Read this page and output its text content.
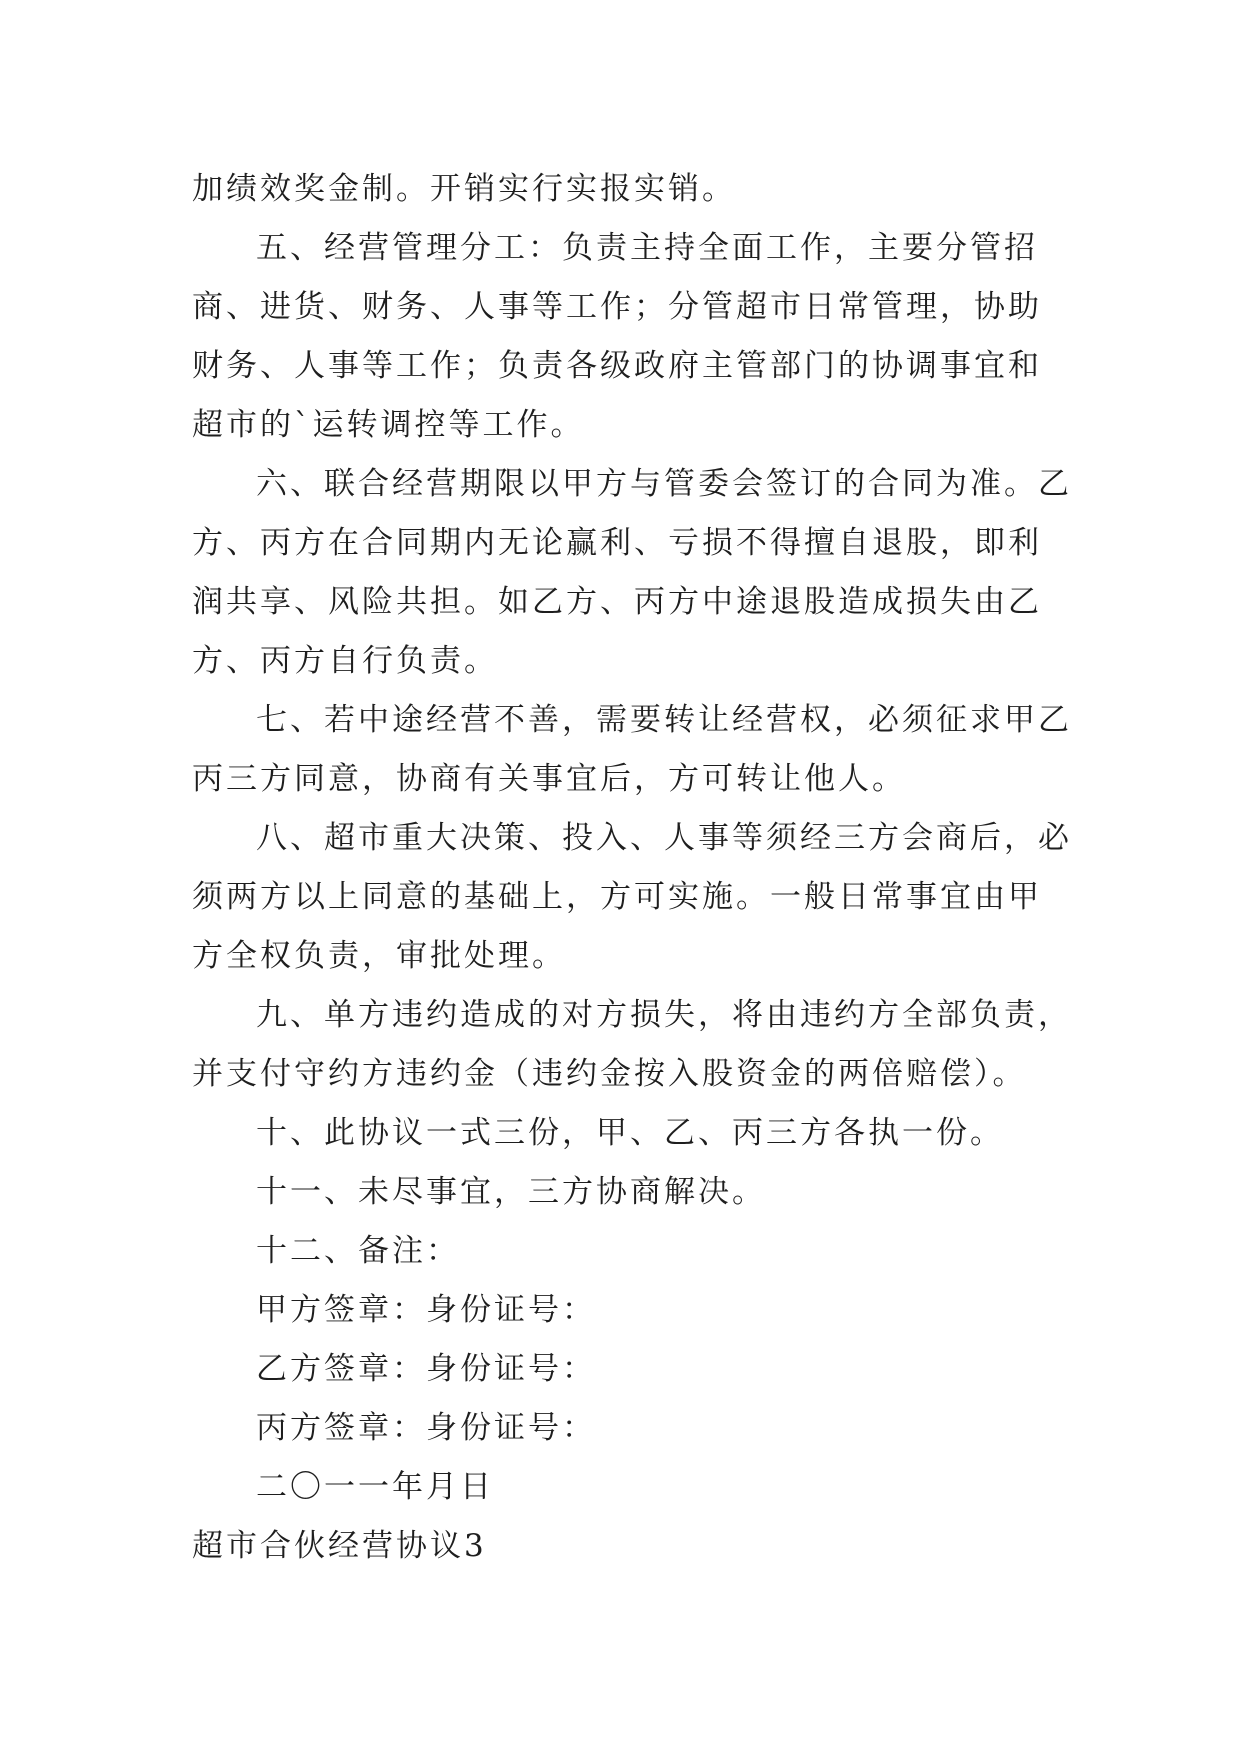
加绩效奖金制。开销实行实报实销。

五、经营管理分工：负责主持全面工作，主要分管招商、进货、财务、人事等工作；分管超市日常管理，协助财务、人事等工作；负责各级政府主管部门的协调事宜和超市的`运转调控等工作。

六、联合经营期限以甲方与管委会签订的合同为准。乙方、丙方在合同期内无论赢利、亏损不得擅自退股，即利润共享、风险共担。如乙方、丙方中途退股造成损失由乙方、丙方自行负责。

七、若中途经营不善，需要转让经营权，必须征求甲乙丙三方同意，协商有关事宜后，方可转让他人。

八、超市重大决策、投入、人事等须经三方会商后，必须两方以上同意的基础上，方可实施。一般日常事宜由甲方全权负责，审批处理。

九、单方违约造成的对方损失，将由违约方全部负责，并支付守约方违约金（违约金按入股资金的两倍赔偿）。

十、此协议一式三份，甲、乙、丙三方各执一份。

十一、未尽事宜，三方协商解决。

十二、备注：

甲方签章：身份证号：

乙方签章：身份证号：

丙方签章：身份证号：

二〇一一年月日

超市合伙经营协议3
